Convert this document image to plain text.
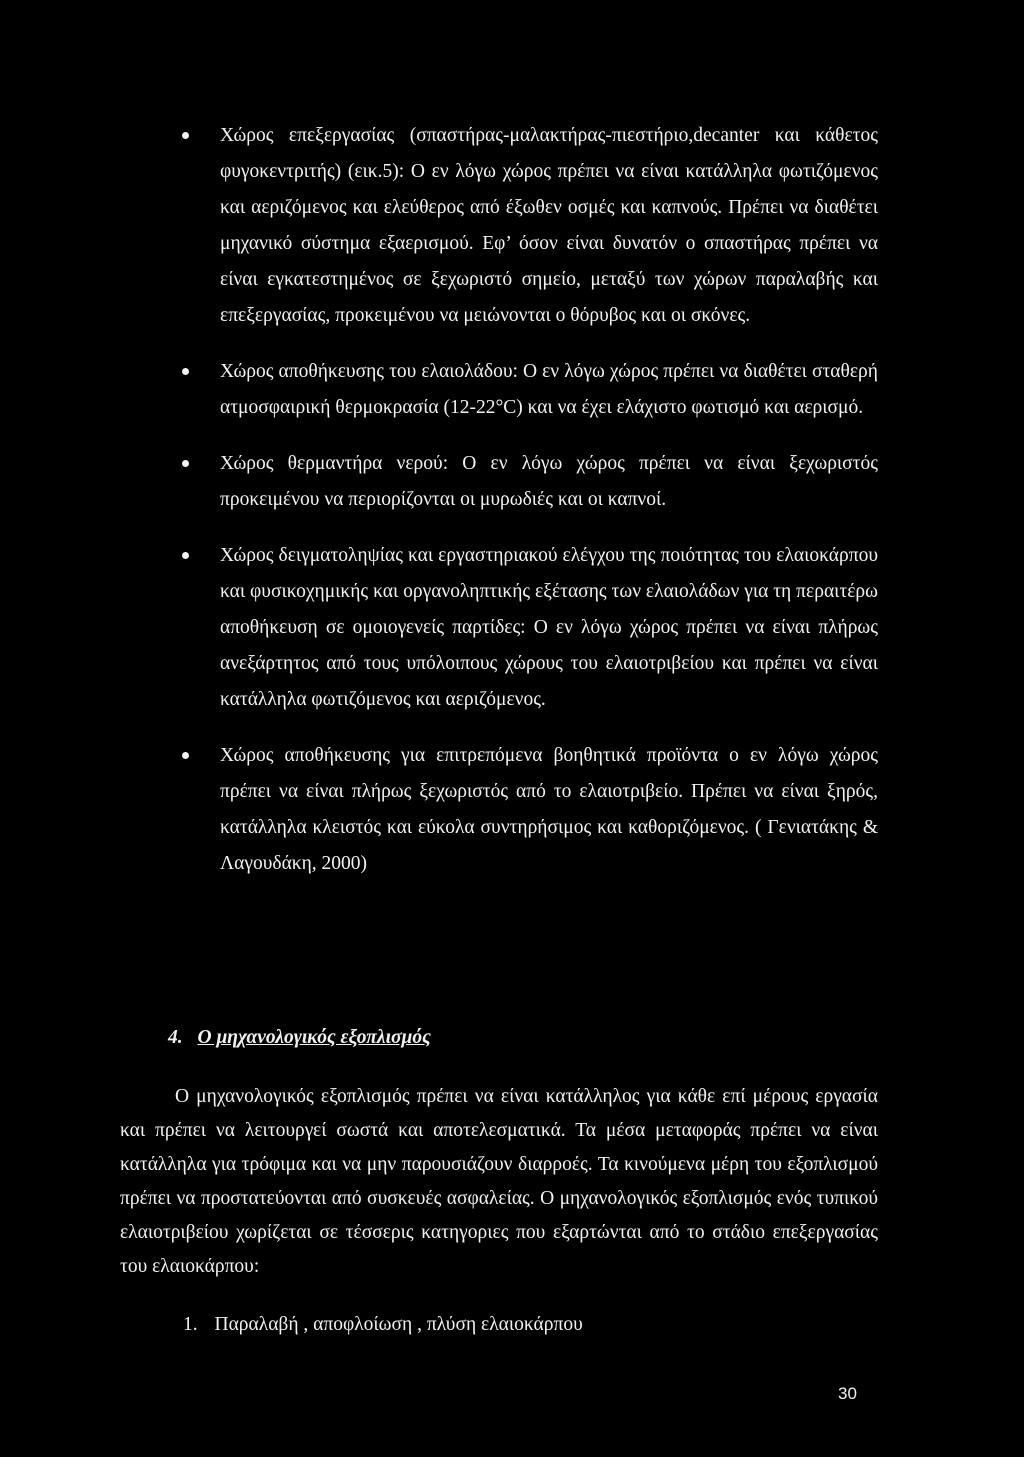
Χώρος επεξεργασίας (σπαστήρας-μαλακτήρας-πιεστήριο,decanter και κάθετος φυγοκεντριτής) (εικ.5): Ο εν λόγω χώρος πρέπει να είναι κατάλληλα φωτιζόμενος και αεριζόμενος και ελεύθερος από έξωθεν οσμές και καπνούς. Πρέπει να διαθέτει μηχανικό σύστημα εξαερισμού. Εφ’ όσον είναι δυνατόν ο σπαστήρας πρέπει να είναι εγκατεστημένος σε ξεχωριστό σημείο, μεταξύ των χώρων παραλαβής και επεξεργασίας, προκειμένου να μειώνονται ο θόρυβος και οι σκόνες.
Χώρος αποθήκευσης του ελαιολάδου: Ο εν λόγω χώρος πρέπει να διαθέτει σταθερή ατμοσφαιρική θερμοκρασία (12-22°C) και να έχει ελάχιστο φωτισμό και αερισμό.
Χώρος θερμαντήρα νερού: Ο εν λόγω χώρος πρέπει να είναι ξεχωριστός προκειμένου να περιορίζονται οι μυρωδιές και οι καπνοί.
Χώρος δειγματοληψίας και εργαστηριακού ελέγχου της ποιότητας του ελαιοκάρπου και φυσικοχημικής και οργανοληπτικής εξέτασης των ελαιολάδων για τη περαιτέρω αποθήκευση σε ομοιογενείς παρτίδες: Ο εν λόγω χώρος πρέπει να είναι πλήρως ανεξάρτητος από τους υπόλοιπους χώρους του ελαιοτριβείου και πρέπει να είναι κατάλληλα φωτιζόμενος και αεριζόμενος.
Χώρος αποθήκευσης για επιτρεπόμενα βοηθητικά προϊόντα ο εν λόγω χώρος πρέπει να είναι πλήρως ξεχωριστός από το ελαιοτριβείο. Πρέπει να είναι ξηρός, κατάλληλα κλειστός και εύκολα συντηρήσιμος και καθοριζόμενος. ( Γενιατάκης & Λαγουδάκη, 2000)
4. Ο μηχανολογικός εξοπλισμός
Ο μηχανολογικός εξοπλισμός πρέπει να είναι κατάλληλος για κάθε επί μέρους εργασία και πρέπει να λειτουργεί σωστά και αποτελεσματικά. Τα μέσα μεταφοράς πρέπει να είναι κατάλληλα για τρόφιμα και να μην παρουσιάζουν διαρροές. Τα κινούμενα μέρη του εξοπλισμού πρέπει να προστατεύονται από συσκευές ασφαλείας. Ο μηχανολογικός εξοπλισμός ενός τυπικού ελαιοτριβείου χωρίζεται σε τέσσερις κατηγοριες που εξαρτώνται από το στάδιο επεξεργασίας του ελαιοκάρπου:
1. Παραλαβή , αποφλοίωση , πλύση ελαιοκάρπου
30
